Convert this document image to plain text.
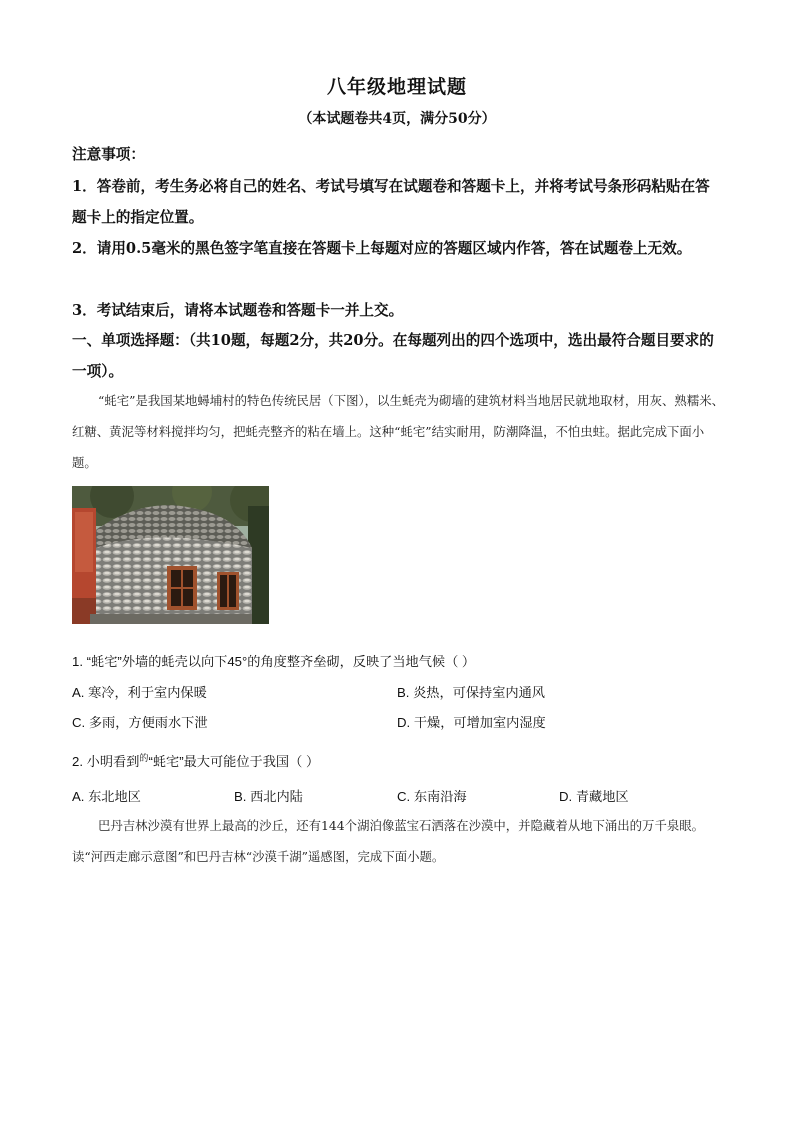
八年级地理试题
（本试题卷共4页，满分50分）
注意事项：
1．答卷前，考生务必将自己的姓名、考试号填写在试题卷和答题卡上，并将考试号条形码粘贴在答题卡上的指定位置。
2．请用0.5毫米的黑色签字笔直接在答题卡上每题对应的答题区域内作答，答在试题卷上无效。
3．考试结束后，请将本试题卷和答题卡一并上交。
一、单项选择题：（共10题，每题2分，共20分。在每题列出的四个选项中，选出最符合题目要求的一项）。
“蚝宅”是我国某地蟳埔村的特色传统民居（下图），以生蚝壳为砌墙的建筑材料当地居民就地取材，用灰、熟糯米、红糖、黄泥等材料搅拌均匀，把蚝壳整齐的粘在墙上。这种“蚝宅”结实耐用，防潮降温，不怕虫蛀。据此完成下面小题。
1. “蚝宅”外墙的蚝壳以向下45°的角度整齐垒砌，反映了当地气候（ ）
A. 寒冷，利于室内保暖	B. 炎热，可保持室内通风
C. 多雨，方便雨水下泄	D. 干燥，可增加室内湿度
2. 小明看到$^的$“蚝宅”最大可能位于我国（ ）
A. 东北地区	B. 西北内陆	C. 东南沿海	D. 青藏地区
巴丹吉林沙漠有世界上最高的沙丘，还有144个湖泊像蓝宝石洒落在沙漠中，并隐藏着从地下涌出的万千泉眼。读“河西走廊示意图”和巴丹吉林“沙漠千湖”遥感图，完成下面小题。
